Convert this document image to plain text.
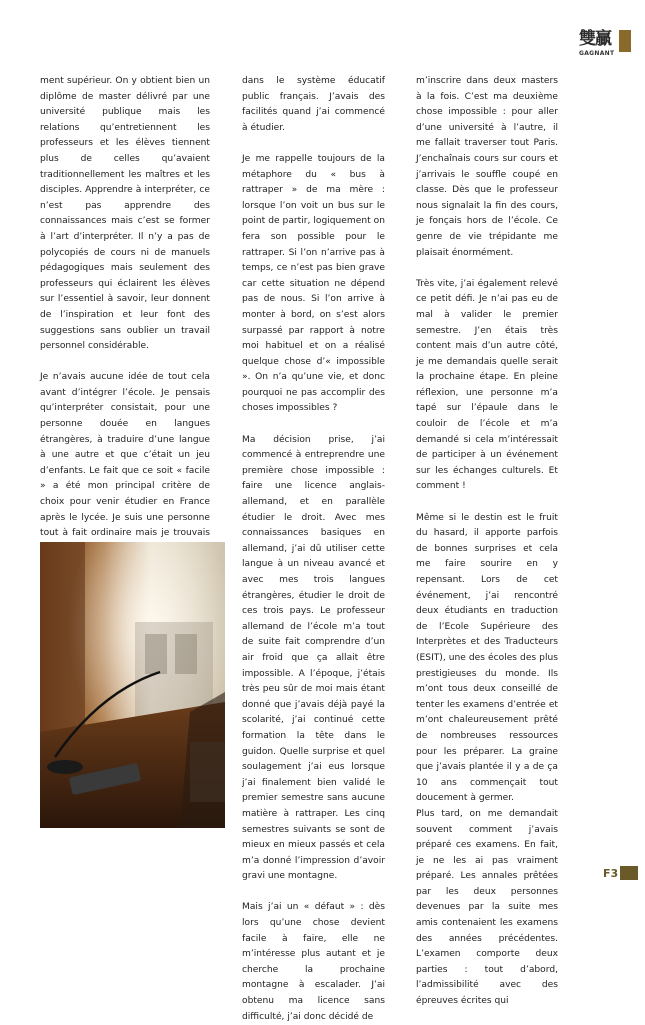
雙贏
GAGNANT

ment supérieur. On y obtient bien un diplôme de master délivré par une université publique mais les relations qu’entretiennent les professeurs et les élèves tiennent plus de celles qu’avaient traditionnellement les maîtres et les disciples. Apprendre à interpréter, ce n’est pas apprendre des connaissances mais c’est se former à l’art d’interpréter. Il n’y a pas de polycopiés de cours ni de manuels pédagogiques mais seulement des professeurs qui éclairent les élèves sur l’essentiel à savoir, leur donnent de l’inspiration et leur font des suggestions sans oublier un travail personnel considérable.

Je n’avais aucune idée de tout cela avant d’intégrer l’école. Je pensais qu’interpréter consistait, pour une personne douée en langues étrangères, à traduire d’une langue à une autre et que c’était un jeu d’enfants. Le fait que ce soit « facile » a été mon principal critère de choix pour venir étudier en France après le lycée. Je suis une personne tout à fait ordinaire mais je trouvais

dans le système éducatif public français. J’avais des facilités quand j’ai commencé à étudier.

Je me rappelle toujours de la métaphore du « bus à rattraper » de ma mère : lorsque l’on voit un bus sur le point de partir, logiquement on fera son possible pour le rattraper. Si l’on n’arrive pas à temps, ce n’est pas bien grave car cette situation ne dépend pas de nous. Si l’on arrive à monter à bord, on s’est alors surpassé par rapport à notre moi habituel et on a réalisé quelque chose d’« impossible ». On n’a qu’une vie, et donc pourquoi ne pas accomplir des choses impossibles ?

Ma décision prise, j’ai commencé à entreprendre une première chose impossible : faire une licence anglais-allemand, et en parallèle étudier le droit. Avec mes connaissances basiques en allemand, j’ai dû utiliser cette langue à un niveau avancé et avec mes trois langues étrangères, étudier le droit de ces trois pays. Le professeur allemand de l’école m’a tout de suite fait comprendre d’un air froid que ça allait être impossible. A l’époque, j’étais très peu sûr de moi mais étant donné que j’avais déjà payé la scolarité, j’ai continué cette formation la tête dans le guidon. Quelle surprise et quel soulagement j’ai eus lorsque j’ai finalement bien validé le premier semestre sans aucune matière à rattraper. Les cinq semestres suivants se sont de mieux en mieux passés et cela m’a donné l’impression d’avoir gravi une montagne.

Mais j’ai un « défaut » : dès lors qu’une chose devient facile à faire, elle ne m’intéresse plus autant et je cherche la prochaine montagne à escalader. J’ai obtenu ma licence sans difficulté, j’ai donc décidé de

m’inscrire dans deux masters à la fois. C’est ma deuxième chose impossible : pour aller d’une université à l’autre, il me fallait traverser tout Paris. J’enchaînais cours sur cours et j’arrivais le souffle coupé en classe. Dès que le professeur nous signalait la fin des cours, je fonçais hors de l’école. Ce genre de vie trépidante me plaisait énormément.

Très vite, j’ai également relevé ce petit défi. Je n’ai pas eu de mal à valider le premier semestre. J’en étais très content mais d’un autre côté, je me demandais quelle serait la prochaine étape. En pleine réflexion, une personne m’a tapé sur l’épaule dans le couloir de l’école et m’a demandé si cela m’intéressait de participer à un événement sur les échanges culturels. Et comment !

Même si le destin est le fruit du hasard, il apporte parfois de bonnes surprises et cela me faire sourire en y repensant. Lors de cet événement, j’ai rencontré deux étudiants en traduction de l’Ecole Supérieure des Interprètes et des Traducteurs (ESIT), une des écoles des plus prestigieuses du monde. Ils m’ont tous deux conseillé de tenter les examens d’entrée et m’ont chaleureusement prêté de nombreuses ressources pour les préparer. La graine que j’avais plantée il y a de ça 10 ans commençait tout doucement à germer.

Plus tard, on me demandait souvent comment j’avais préparé ces examens. En fait, je ne les ai pas vraiment préparé. Les annales prêtées par les deux personnes devenues par la suite mes amis contenaient les examens des années précédentes. L’examen comporte deux parties : tout d’abord, l’admissibilité avec des épreuves écrites qui

F3
